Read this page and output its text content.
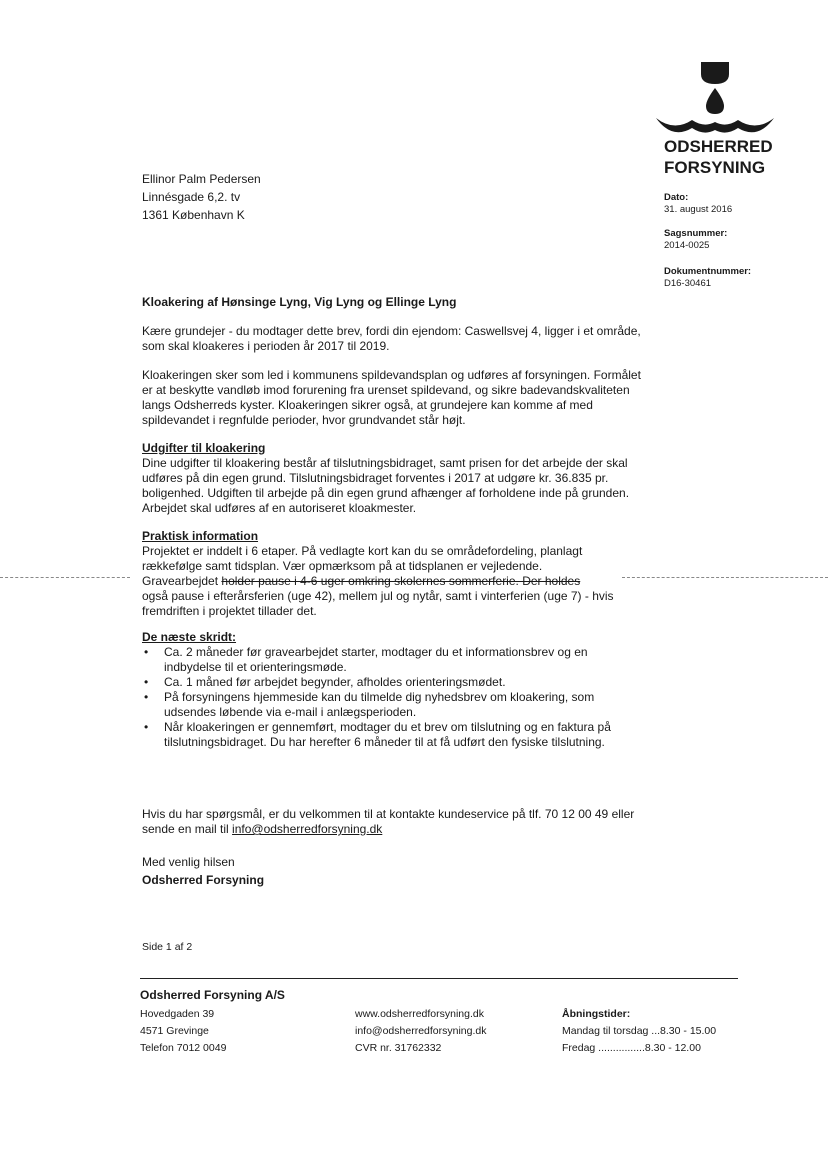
ODSHERRED
FORSYNING
Dato:
31. august 2016
Sagsnummer:
2014-0025
Dokumentnummer:
D16-30461
Ellinor Palm Pedersen
Linnésgade 6,2. tv
1361 København K
Kloakering af Hønsinge Lyng, Vig Lyng og Ellinge Lyng

Kære grundejer - du modtager dette brev, fordi din ejendom: Caswellsvej 4, ligger i et område, som skal kloakeres i perioden år 2017 til 2019.

Kloakeringen sker som led i kommunens spildevandsplan og udføres af forsyningen. Formålet er at beskytte vandløb imod forurening fra urenset spildevand, og sikre badevandskvaliteten langs Odsherreds kyster. Kloakeringen sikrer også, at grundejere kan komme af med spildevandet i regnfulde perioder, hvor grundvandet står højt.

Udgifter til kloakering

Dine udgifter til kloakering består af tilslutningsbidraget, samt prisen for det arbejde der skal udføres på din egen grund. Tilslutningsbidraget forventes i 2017 at udgøre kr. 36.835 pr. boligenhed. Udgiften til arbejde på din egen grund afhænger af forholdene inde på grunden. Arbejdet skal udføres af en autoriseret kloakmester.

Praktisk information

Projektet er inddelt i 6 etaper. På vedlagte kort kan du se områdefordeling, planlagt rækkefølge samt tidsplan. Vær opmærksom på at tidsplanen er vejledende.

Gravearbejdet holder pause i 4-6 uger omkring skolernes sommerferie. Der holdes

også pause i efterårsferien (uge 42), mellem jul og nytår, samt i vinterferien (uge 7) - hvis fremdriften i projektet tillader det.

De næste skridt:
• Ca. 2 måneder før gravearbejdet starter, modtager du et informationsbrev og en indbydelse til et orienteringsmøde.
• Ca. 1 måned før arbejdet begynder, afholdes orienteringsmødet.
• På forsyningens hjemmeside kan du tilmelde dig nyhedsbrev om kloakering, som udsendes løbende via e-mail i anlægsperioden.
• Når kloakeringen er gennemført, modtager du et brev om tilslutning og en faktura på tilslutningsbidraget. Du har herefter 6 måneder til at få udført den fysiske tilslutning.

Hvis du har spørgsmål, er du velkommen til at kontakte kundeservice på tlf. 70 12 00 49 eller sende en mail til info@odsherredforsyning.dk

Med venlig hilsen
Odsherred Forsyning
Side 1 af 2
Odsherred Forsyning A/S
Hovedgaden 39
4571 Grevinge
Telefon 7012 0049
www.odsherredforsyning.dk
info@odsherredforsyning.dk
CVR nr. 31762332
Åbningstider:
Mandag til torsdag ...8.30 - 15.00
Fredag ................8.30 - 12.00
